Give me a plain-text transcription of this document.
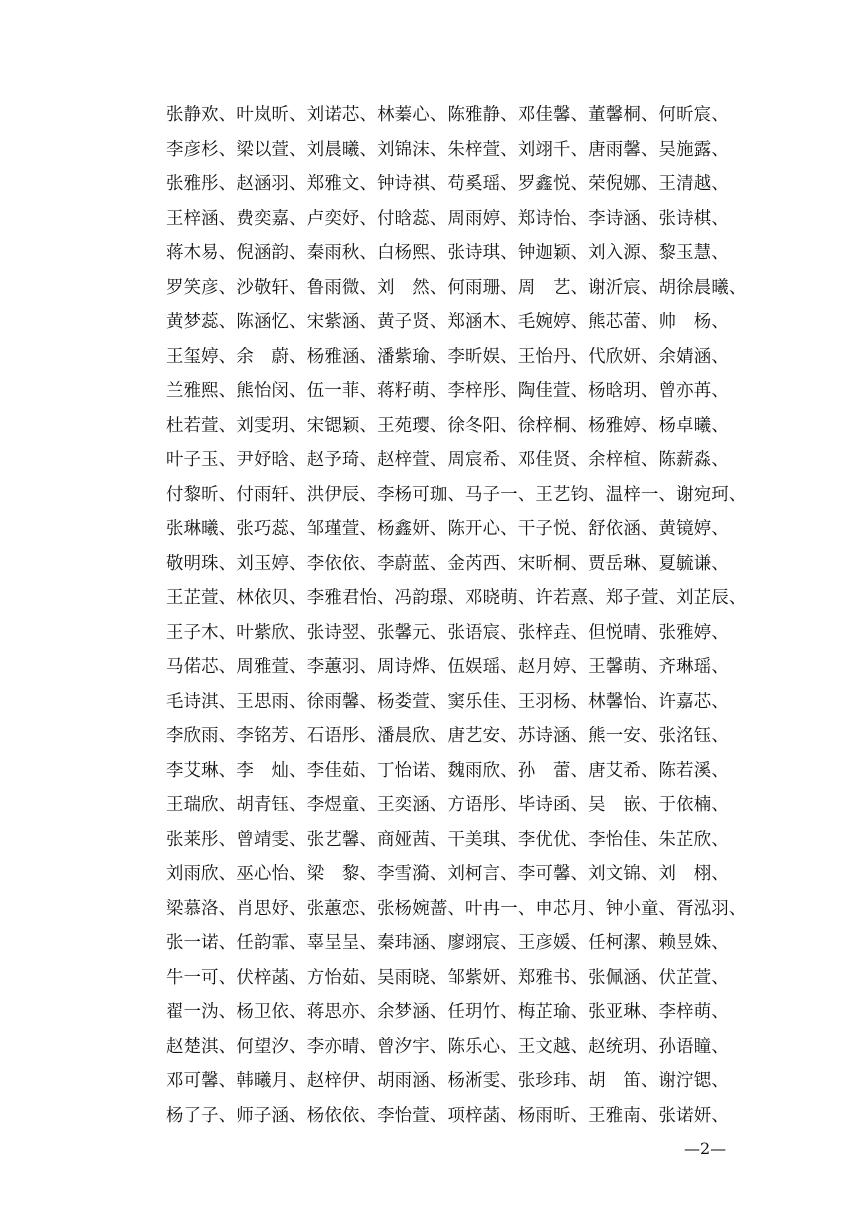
张静欢、叶岚昕、刘诺芯、林蓁心、陈雅静、邓佳馨、董馨桐、何昕宸、
李彦杉、梁以萱、刘晨曦、刘锦沫、朱梓萱、刘翊千、唐雨馨、吴施露、
张雅彤、赵涵羽、郑雅文、钟诗祺、苟奚瑶、罗鑫悦、荣倪娜、王清越、
王梓涵、费奕嘉、卢奕妤、付晗蕊、周雨婷、郑诗怡、李诗涵、张诗棋、
蒋木易、倪涵韵、秦雨秋、白杨熙、张诗琪、钟迦颖、刘入源、黎玉慧、
罗笑彦、沙敬轩、鲁雨微、刘　然、何雨珊、周　艺、谢沂宸、胡徐晨曦、
黄梦蕊、陈涵忆、宋紫涵、黄子贤、郑涵木、毛婉婷、熊芯蕾、帅　杨、
王玺婷、余　蔚、杨雅涵、潘紫瑜、李昕娱、王怡丹、代欣妍、余婧涵、
兰雅熙、熊怡闵、伍一菲、蒋籽萌、李梓彤、陶佳萱、杨晗玥、曾亦苒、
杜若萱、刘雯玥、宋锶颖、王苑璎、徐冬阳、徐梓桐、杨雅婷、杨卓曦、
叶子玉、尹妤晗、赵予琦、赵梓萱、周宸希、邓佳贤、余梓楦、陈薪淼、
付黎昕、付雨轩、洪伊辰、李杨可珈、马子一、王艺钧、温梓一、谢宛珂、
张琳曦、张巧蕊、邹瑾萱、杨鑫妍、陈开心、干子悦、舒依涵、黄镜婷、
敬明珠、刘玉婷、李依依、李蔚蓝、金芮西、宋昕桐、贾岳琳、夏毓谦、
王芷萱、林依贝、李雅君怡、冯韵璟、邓晓萌、许若熹、郑子萱、刘芷辰、
王子木、叶紫欣、张诗翌、张馨元、张语宸、张梓垚、但悦晴、张雅婷、
马偌芯、周雅萱、李蕙羽、周诗烨、伍娱瑶、赵月婷、王馨萌、齐琳瑶、
毛诗淇、王思雨、徐雨馨、杨娄萱、窦乐佳、王羽杨、林馨怡、许嘉芯、
李欣雨、李铭芳、石语彤、潘晨欣、唐艺安、苏诗涵、熊一安、张洺钰、
李艾琳、李　灿、李佳茹、丁怡诺、魏雨欣、孙　蕾、唐艾希、陈若溪、
王瑞欣、胡青钰、李煜童、王奕涵、方语彤、毕诗函、吴　嵌、于依楠、
张莱彤、曾靖雯、张艺馨、商娅茜、干美琪、李优优、李怡佳、朱芷欣、
刘雨欣、巫心怡、梁　黎、李雪漪、刘柯言、李可馨、刘文锦、刘　栩、
梁慕洛、肖思妤、张蕙恋、张杨婉蔷、叶冉一、申芯月、钟小童、胥泓羽、
张一诺、任韵霏、辜呈呈、秦玮涵、廖翊宸、王彦媛、任柯潔、赖昱姝、
牛一可、伏梓菡、方怡茹、吴雨晓、邹紫妍、郑雅书、张佩涵、伏芷萱、
翟一沩、杨卫依、蒋思亦、余梦涵、任玥竹、梅芷瑜、张亚琳、李梓萌、
赵楚淇、何望汐、李亦晴、曾汐宇、陈乐心、王文越、赵统玥、孙语瞳、
邓可馨、韩曦月、赵梓伊、胡雨涵、杨淅雯、张珍玮、胡　笛、谢泞锶、
杨了子、师子涵、杨依依、李怡萱、项梓菡、杨雨昕、王雅南、张诺妍、
—2—
